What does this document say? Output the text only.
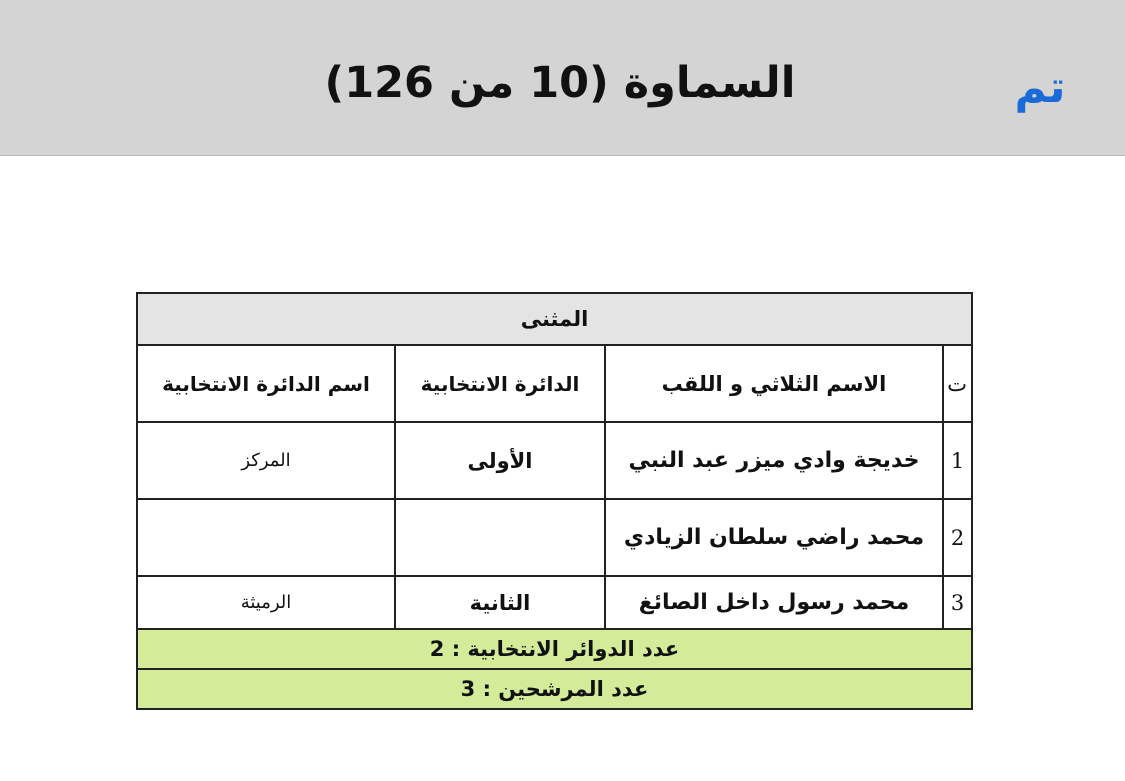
السماوة (10 من 126)	تم
المثنى			
ت	الاسم الثلاثي و اللقب	الدائرة الانتخابية	اسم الدائرة الانتخابية
1	خديجة وادي ميزر عبد النبي	الأولى	المركز
2	محمد راضي سلطان الزيادي		
3	محمد رسول داخل الصائغ	الثانية	الرميثة
عدد الدوائر الانتخابية : 2			
عدد المرشحين : 3			
